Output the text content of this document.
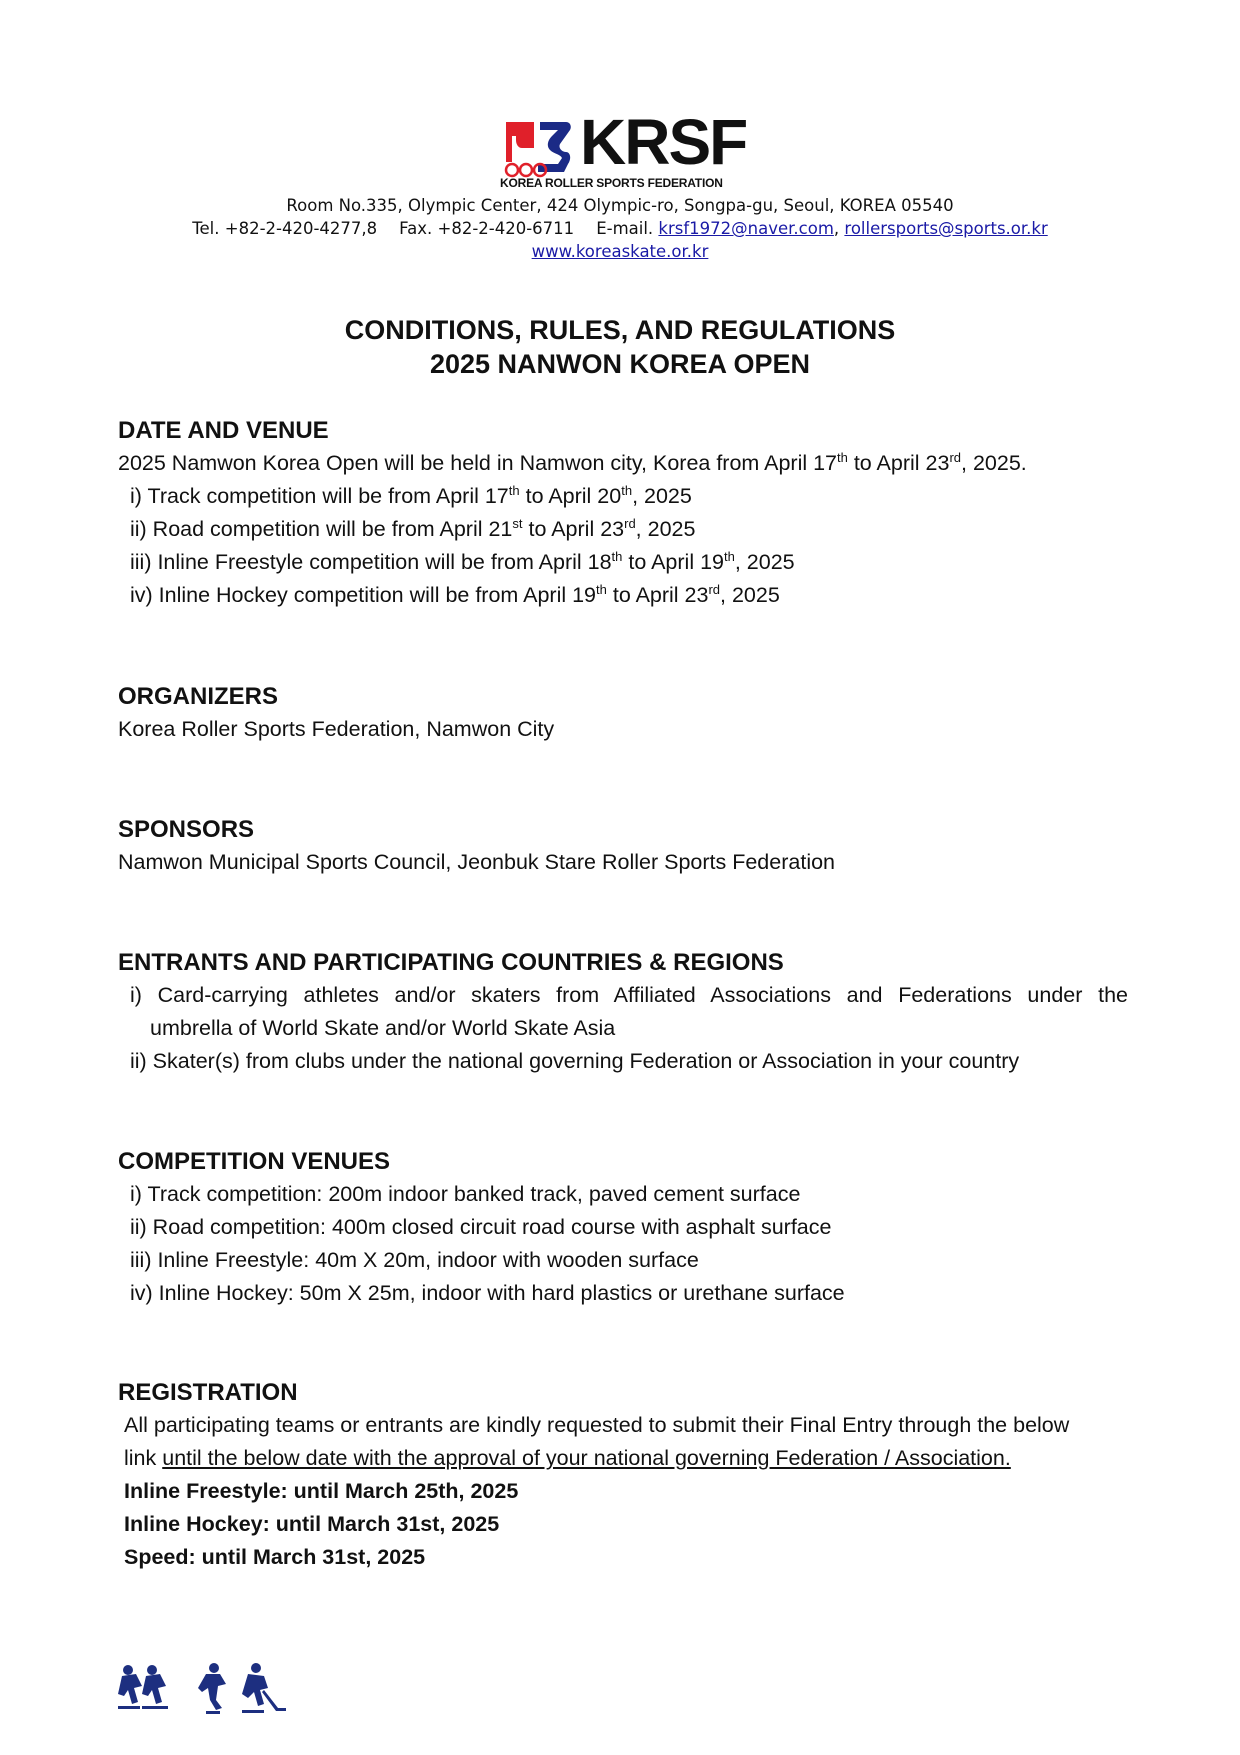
KRSF
KOREA ROLLER SPORTS FEDERATION
Room No.335, Olympic Center, 424 Olympic-ro, Songpa-gu, Seoul, KOREA 05540
Tel. +82-2-420-4277,8 Fax. +82-2-420-6711 E-mail. krsf1972@naver.com, rollersports@sports.or.kr
www.koreaskate.or.kr
CONDITIONS, RULES, AND REGULATIONS
2025 NANWON KOREA OPEN
DATE AND VENUE

2025 Namwon Korea Open will be held in Namwon city, Korea from April 17th to April 23rd, 2025.

i) Track competition will be from April 17th to April 20th, 2025

ii) Road competition will be from April 21st to April 23rd, 2025

iii) Inline Freestyle competition will be from April 18th to April 19th, 2025

iv) Inline Hockey competition will be from April 19th to April 23rd, 2025

ORGANIZERS

Korea Roller Sports Federation, Namwon City

SPONSORS

Namwon Municipal Sports Council, Jeonbuk Stare Roller Sports Federation

ENTRANTS AND PARTICIPATING COUNTRIES & REGIONS

i) Card-carrying athletes and/or skaters from Affiliated Associations and Federations under the

umbrella of World Skate and/or World Skate Asia

ii) Skater(s) from clubs under the national governing Federation or Association in your country

COMPETITION VENUES

i) Track competition: 200m indoor banked track, paved cement surface

ii) Road competition: 400m closed circuit road course with asphalt surface

iii) Inline Freestyle: 40m X 20m, indoor with wooden surface

iv) Inline Hockey: 50m X 25m, indoor with hard plastics or urethane surface

REGISTRATION

All participating teams or entrants are kindly requested to submit their Final Entry through the below

link until the below date with the approval of your national governing Federation / Association.

Inline Freestyle: until March 25th, 2025

Inline Hockey: until March 31st, 2025

Speed: until March 31st, 2025
